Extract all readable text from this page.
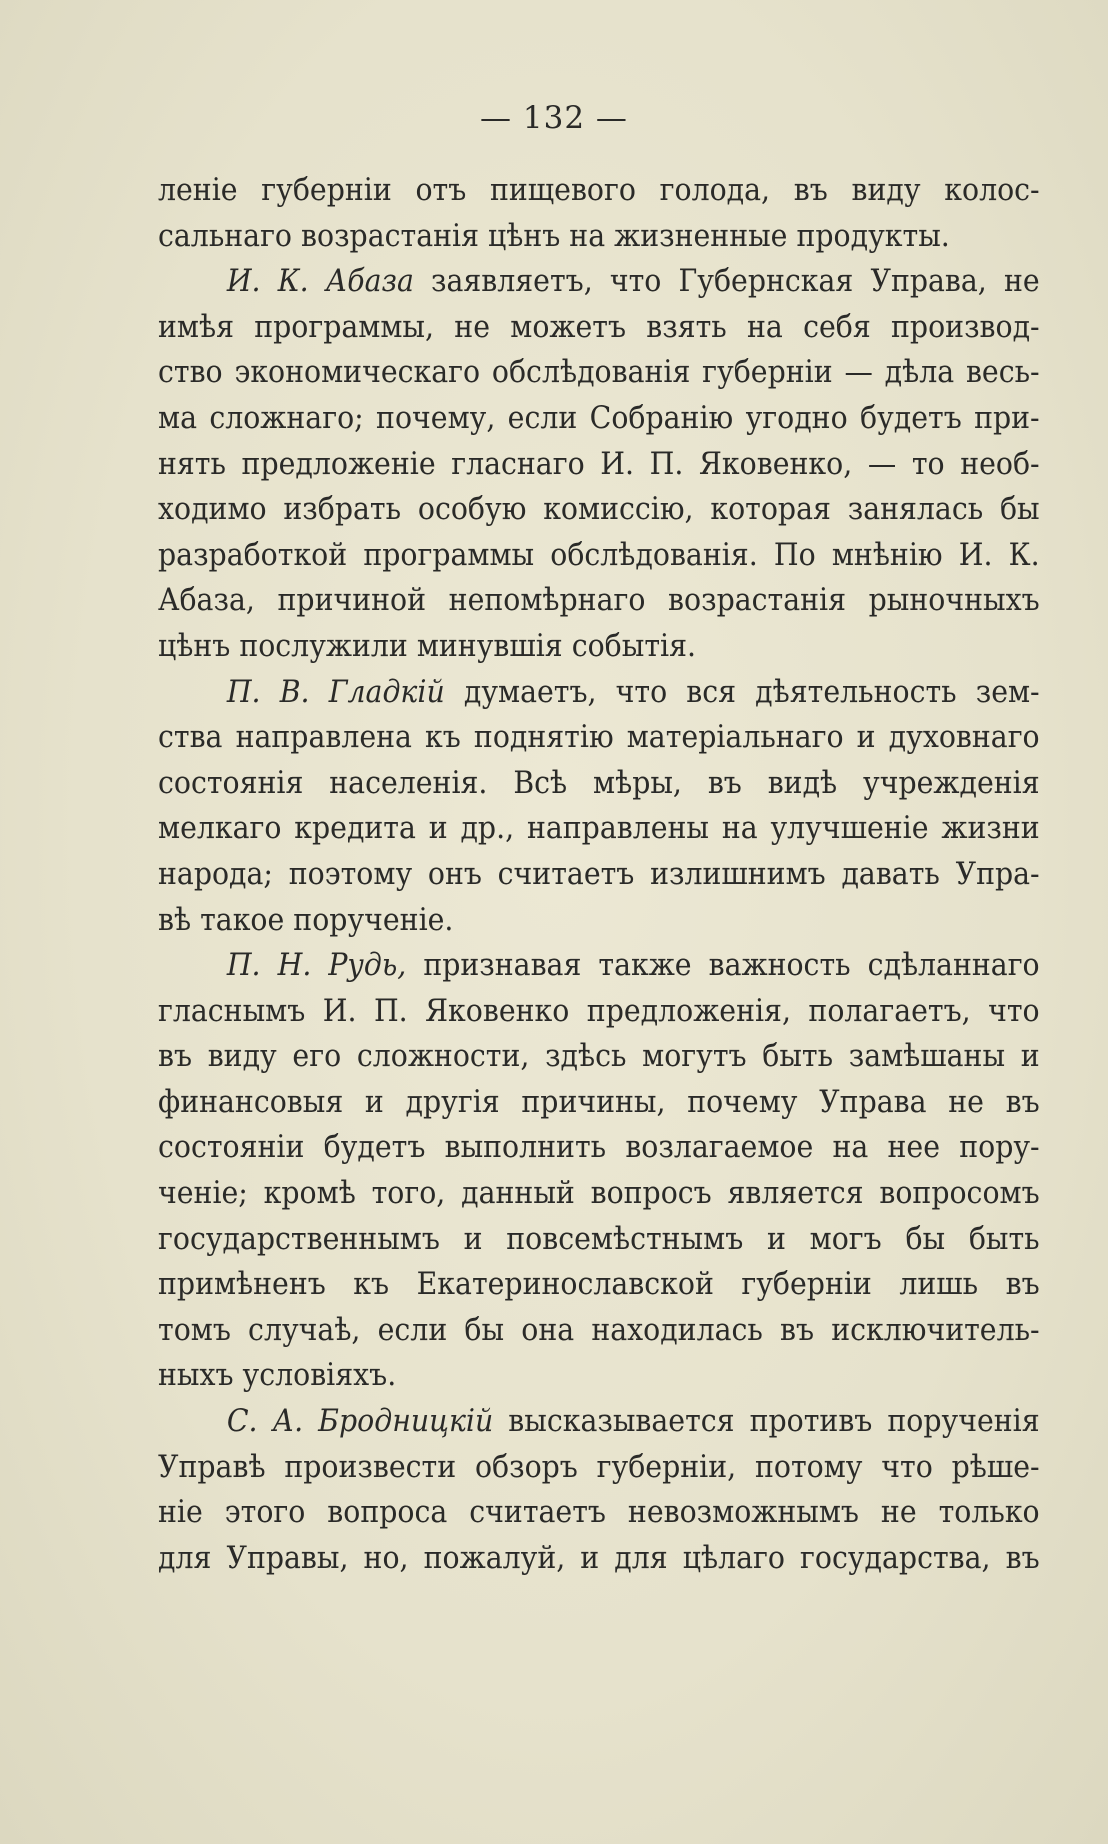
— 132 —
леніе губерніи отъ пищевого голода, въ виду колос-
сальнаго возрастанія цѣнъ на жизненные продукты.
И. К. Абаза заявляетъ, что Губернская Управа, не
имѣя программы, не можетъ взять на себя производ-
ство экономическаго обслѣдованія губерніи — дѣла весь-
ма сложнаго; почему, если Собранію угодно будетъ при-
нять предложеніе гласнаго И. П. Яковенко, — то необ-
ходимо избрать особую комиссію, которая занялась бы
разработкой программы обслѣдованія. По мнѣнію И. К.
Абаза, причиной непомѣрнаго возрастанія рыночныхъ
цѣнъ послужили минувшія событія.
П. В. Гладкій думаетъ, что вся дѣятельность зем-
ства направлена къ поднятію матеріальнаго и духовнаго
состоянія населенія. Всѣ мѣры, въ видѣ учрежденія
мелкаго кредита и др., направлены на улучшеніе жизни
народа; поэтому онъ считаетъ излишнимъ давать Упра-
вѣ такое порученіе.
П. Н. Рудь, признавая также важность сдѣланнаго
гласнымъ И. П. Яковенко предложенія, полагаетъ, что
въ виду его сложности, здѣсь могутъ быть замѣшаны и
финансовыя и другія причины, почему Управа не въ
состояніи будетъ выполнить возлагаемое на нее пору-
ченіе; кромѣ того, данный вопросъ является вопросомъ
государственнымъ и повсемѣстнымъ и могъ бы быть
примѣненъ къ Екатеринославской губерніи лишь въ
томъ случаѣ, если бы она находилась въ исключитель-
ныхъ условіяхъ.
С. А. Бродницкій высказывается противъ порученія
Управѣ произвести обзоръ губерніи, потому что рѣше-
ніе этого вопроса считаетъ невозможнымъ не только
для Управы, но, пожалуй, и для цѣлаго государства, въ
